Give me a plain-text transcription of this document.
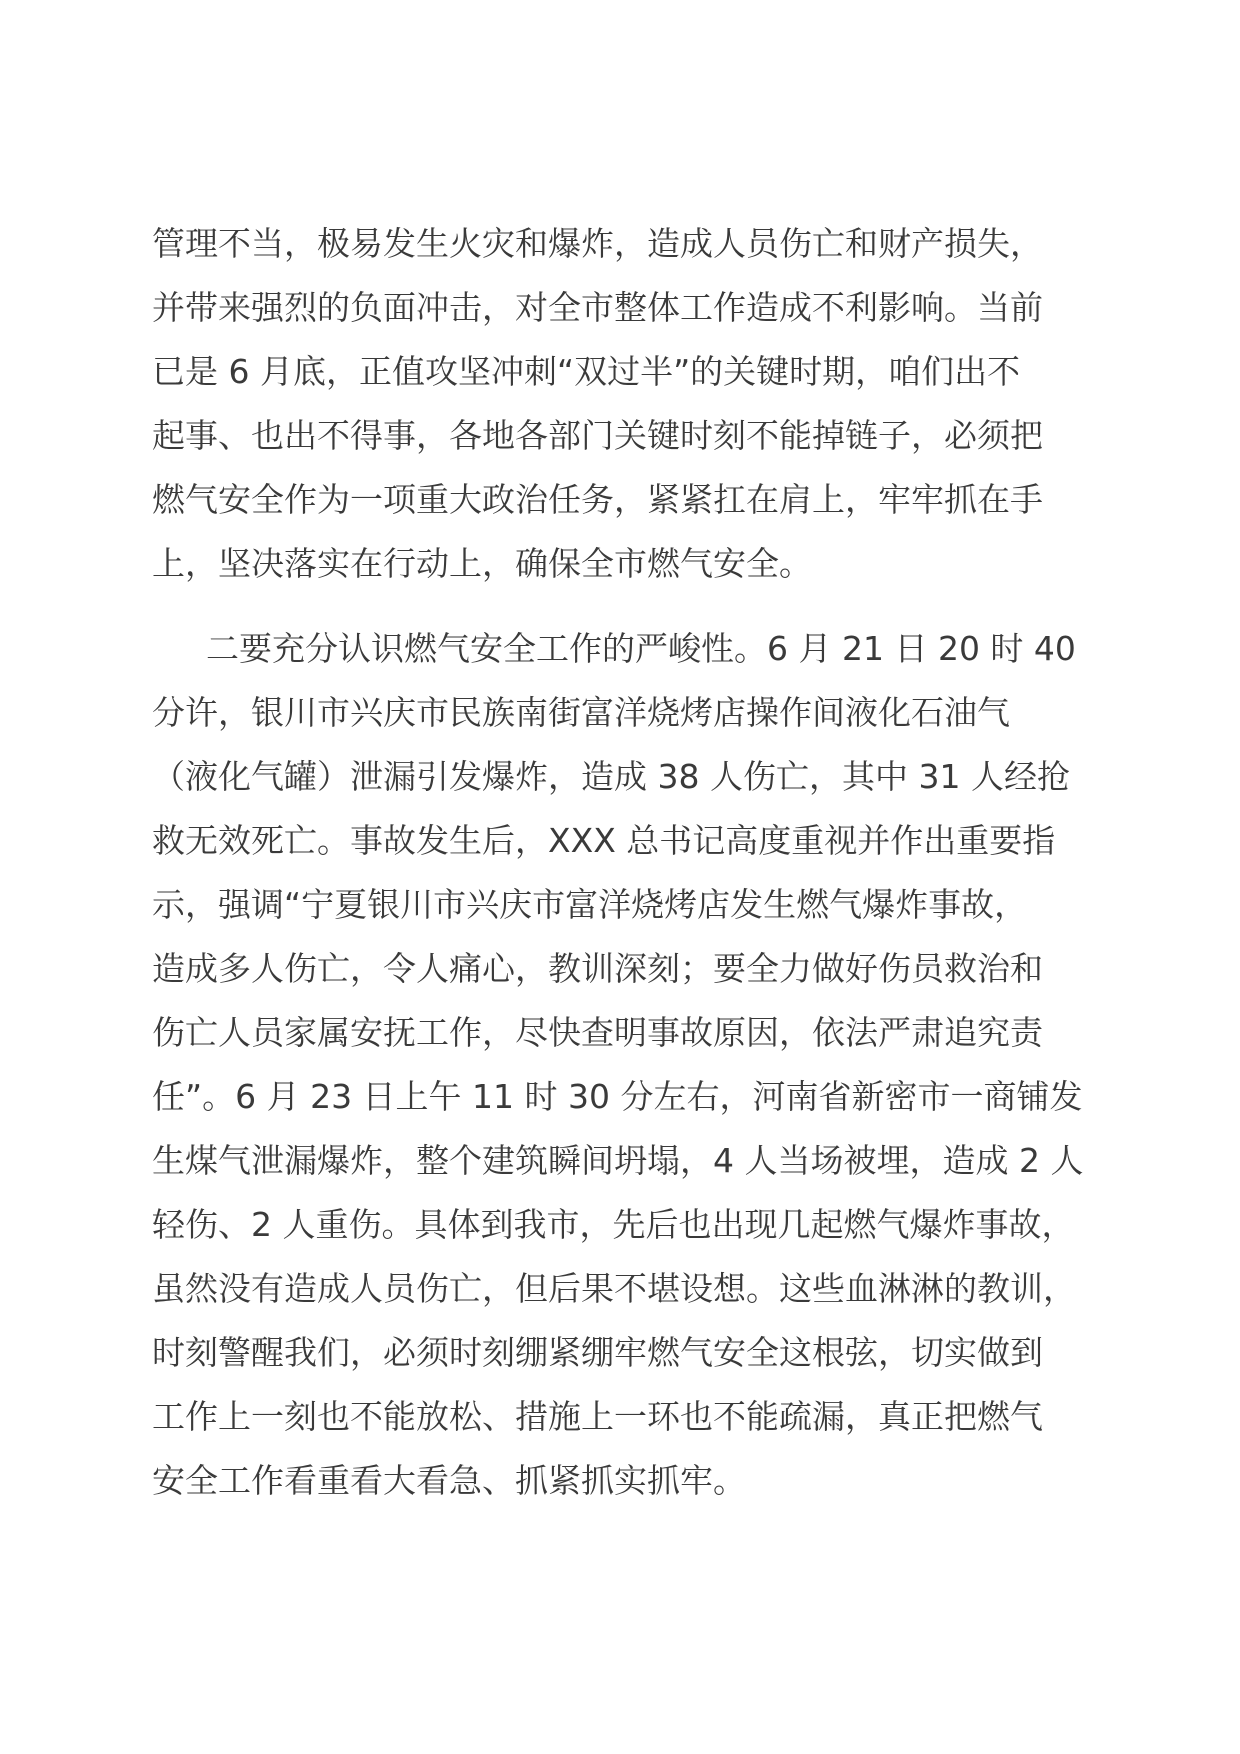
管理不当，极易发生火灾和爆炸，造成人员伤亡和财产损失，
并带来强烈的负面冲击，对全市整体工作造成不利影响。当前
已是 6 月底，正值攻坚冲刺“双过半”的关键时期，咱们出不
起事、也出不得事，各地各部门关键时刻不能掉链子，必须把
燃气安全作为一项重大政治任务，紧紧扛在肩上，牢牢抓在手
上，坚决落实在行动上，确保全市燃气安全。
二要充分认识燃气安全工作的严峻性。6 月 21 日 20 时 40
分许，银川市兴庆市民族南街富洋烧烤店操作间液化石油气
（液化气罐）泄漏引发爆炸，造成 38 人伤亡，其中 31 人经抢
救无效死亡。事故发生后，XXX 总书记高度重视并作出重要指
示，强调“宁夏银川市兴庆市富洋烧烤店发生燃气爆炸事故，
造成多人伤亡，令人痛心，教训深刻；要全力做好伤员救治和
伤亡人员家属安抚工作，尽快查明事故原因，依法严肃追究责
任”。6 月 23 日上午 11 时 30 分左右，河南省新密市一商铺发
生煤气泄漏爆炸，整个建筑瞬间坍塌，4 人当场被埋，造成 2 人
轻伤、2 人重伤。具体到我市，先后也出现几起燃气爆炸事故，
虽然没有造成人员伤亡，但后果不堪设想。这些血淋淋的教训，
时刻警醒我们，必须时刻绷紧绷牢燃气安全这根弦，切实做到
工作上一刻也不能放松、措施上一环也不能疏漏，真正把燃气
安全工作看重看大看急、抓紧抓实抓牢。
